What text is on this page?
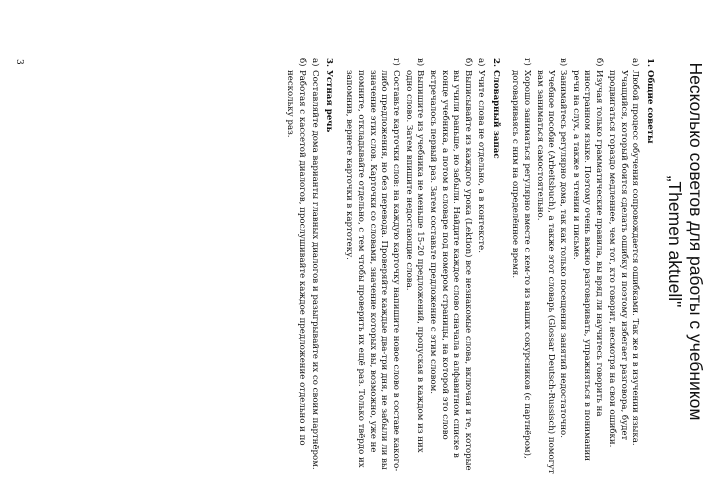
Несколько советов для работы с учебником
„Themen aktuell"
1. Общие советы
а)
Любой процесс обучения сопровождается ошибками. Так же и в изучении языка. Учащийся, который боится сделать ошибку и поэтому избегает разговора, будет продвигаться гораздо медленнее, чем тот, кто говорит, несмотря на свои ошибки.
б)
Изучая только грамматические правила, вы вряд ли научитесь говорить на иностранном языке. Поэтому очень важно разговаривать, упражняться в понимании речи на слух, а также в чтении и письме.
в)
Занимайтесь регулярно дома, так как только посещения занятий недостаточно. Учебное пособие (Arbeitsbuch), а также этот словарь (Glossar Deutsch-Russisch) помогут вам заниматься самостоятельно.
г)
Хорошо заниматься регулярно вместе с кем-то из ваших сокурсников (с партнёром), договариваясь с ним на определённое время.
2. Словарный запас
а)
Учите слова не отдельно, а в контексте.
б)
Выписывайте из каждого урока (Lektion) все незнакомые слова, включая и те, которые вы учили раньше, но забыли. Найдите каждое слово сначала в алфавитном списке в конце учебника, а потом в словаре под номером страницы, на которой это слово встречалось первый раз. Затем составьте предложение с этим словом.
в)
Выпишите из учебника не меньше 15-20 предложений, пропуская в каждом из них одно слово. Затем впишите недостающие слова.
г)
Составьте карточки слов: на каждую карточку напишите новое слово в составе какого-либо предложения, но без перевода. Проверяйте каждые два-три дня, не забыли ли вы значение этих слов. Карточки со словами, значение которых вы, возможно, уже не помните, откладывайте отдельно, с тем чтобы проверить их ещё раз. Только твёрдо их запомнив, вернете карточки в картотеку.
3. Устная речь
а)
Составляйте дома варианты главных диалогов и разыгрывайте их со своим партнёром.
б)
Работая с кассетой диалогов, прослушивайте каждое предложение отдельно и по нескольку раз.
3
